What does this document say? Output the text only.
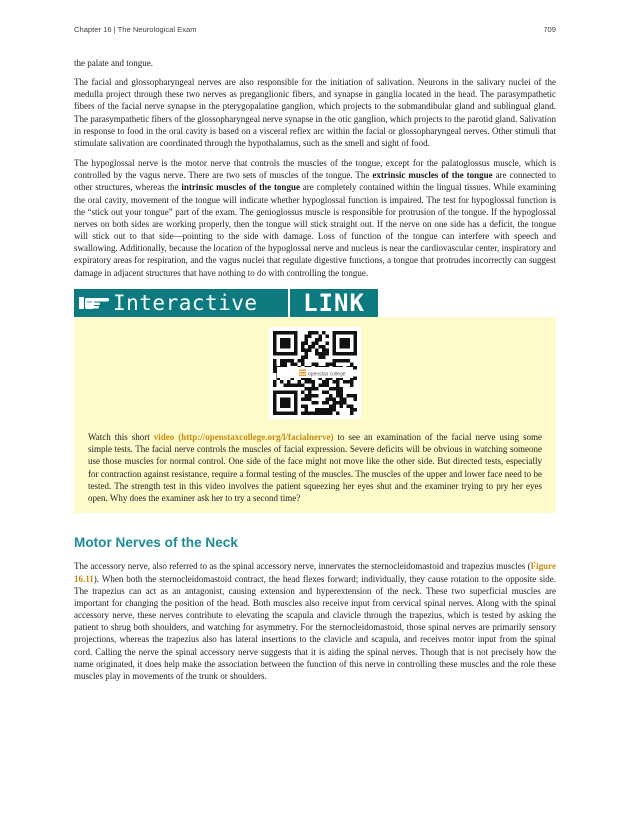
Chapter 16 | The Neurological Exam	709

the palate and tongue.

The facial and glossopharyngeal nerves are also responsible for the initiation of salivation. Neurons in the salivary nuclei of the medulla project through these two nerves as preganglionic fibers, and synapse in ganglia located in the head. The parasympathetic fibers of the facial nerve synapse in the pterygopalatine ganglion, which projects to the submandibular gland and sublingual gland. The parasympathetic fibers of the glossopharyngeal nerve synapse in the otic ganglion, which projects to the parotid gland. Salivation in response to food in the oral cavity is based on a visceral reflex arc within the facial or glossopharyngeal nerves. Other stimuli that stimulate salivation are coordinated through the hypothalamus, such as the smell and sight of food.

The hypoglossal nerve is the motor nerve that controls the muscles of the tongue, except for the palatoglossus muscle, which is controlled by the vagus nerve. There are two sets of muscles of the tongue. The extrinsic muscles of the tongue are connected to other structures, whereas the intrinsic muscles of the tongue are completely contained within the lingual tissues. While examining the oral cavity, movement of the tongue will indicate whether hypoglossal function is impaired. The test for hypoglossal function is the “stick out your tongue” part of the exam. The genioglossus muscle is responsible for protrusion of the tongue. If the hypoglossal nerves on both sides are working properly, then the tongue will stick straight out. If the nerve on one side has a deficit, the tongue will stick out to that side—pointing to the side with damage. Loss of function of the tongue can interfere with speech and swallowing. Additionally, because the location of the hypoglossal nerve and nucleus is near the cardiovascular center, inspiratory and expiratory areas for respiration, and the vagus nuclei that regulate digestive functions, a tongue that protrudes incorrectly can suggest damage in adjacent structures that have nothing to do with controlling the tongue.

Interactive	LINK
openstax college

Watch this short video (http://openstaxcollege.org/l/facialnerve) to see an examination of the facial nerve using some simple tests. The facial nerve controls the muscles of facial expression. Severe deficits will be obvious in watching someone use those muscles for normal control. One side of the face might not move like the other side. But directed tests, especially for contraction against resistance, require a formal testing of the muscles. The muscles of the upper and lower face need to be tested. The strength test in this video involves the patient squeezing her eyes shut and the examiner trying to pry her eyes open. Why does the examiner ask her to try a second time?

Motor Nerves of the Neck

The accessory nerve, also referred to as the spinal accessory nerve, innervates the sternocleidomastoid and trapezius muscles (Figure 16.11). When both the sternocleidomastoid contract, the head flexes forward; individually, they cause rotation to the opposite side. The trapezius can act as an antagonist, causing extension and hyperextension of the neck. These two superficial muscles are important for changing the position of the head. Both muscles also receive input from cervical spinal nerves. Along with the spinal accessory nerve, these nerves contribute to elevating the scapula and clavicle through the trapezius, which is tested by asking the patient to shrug both shoulders, and watching for asymmetry. For the sternocleidomastoid, those spinal nerves are primarily sensory projections, whereas the trapezius also has lateral insertions to the clavicle and scapula, and receives motor input from the spinal cord. Calling the nerve the spinal accessory nerve suggests that it is aiding the spinal nerves. Though that is not precisely how the name originated, it does help make the association between the function of this nerve in controlling these muscles and the role these muscles play in movements of the trunk or shoulders.
